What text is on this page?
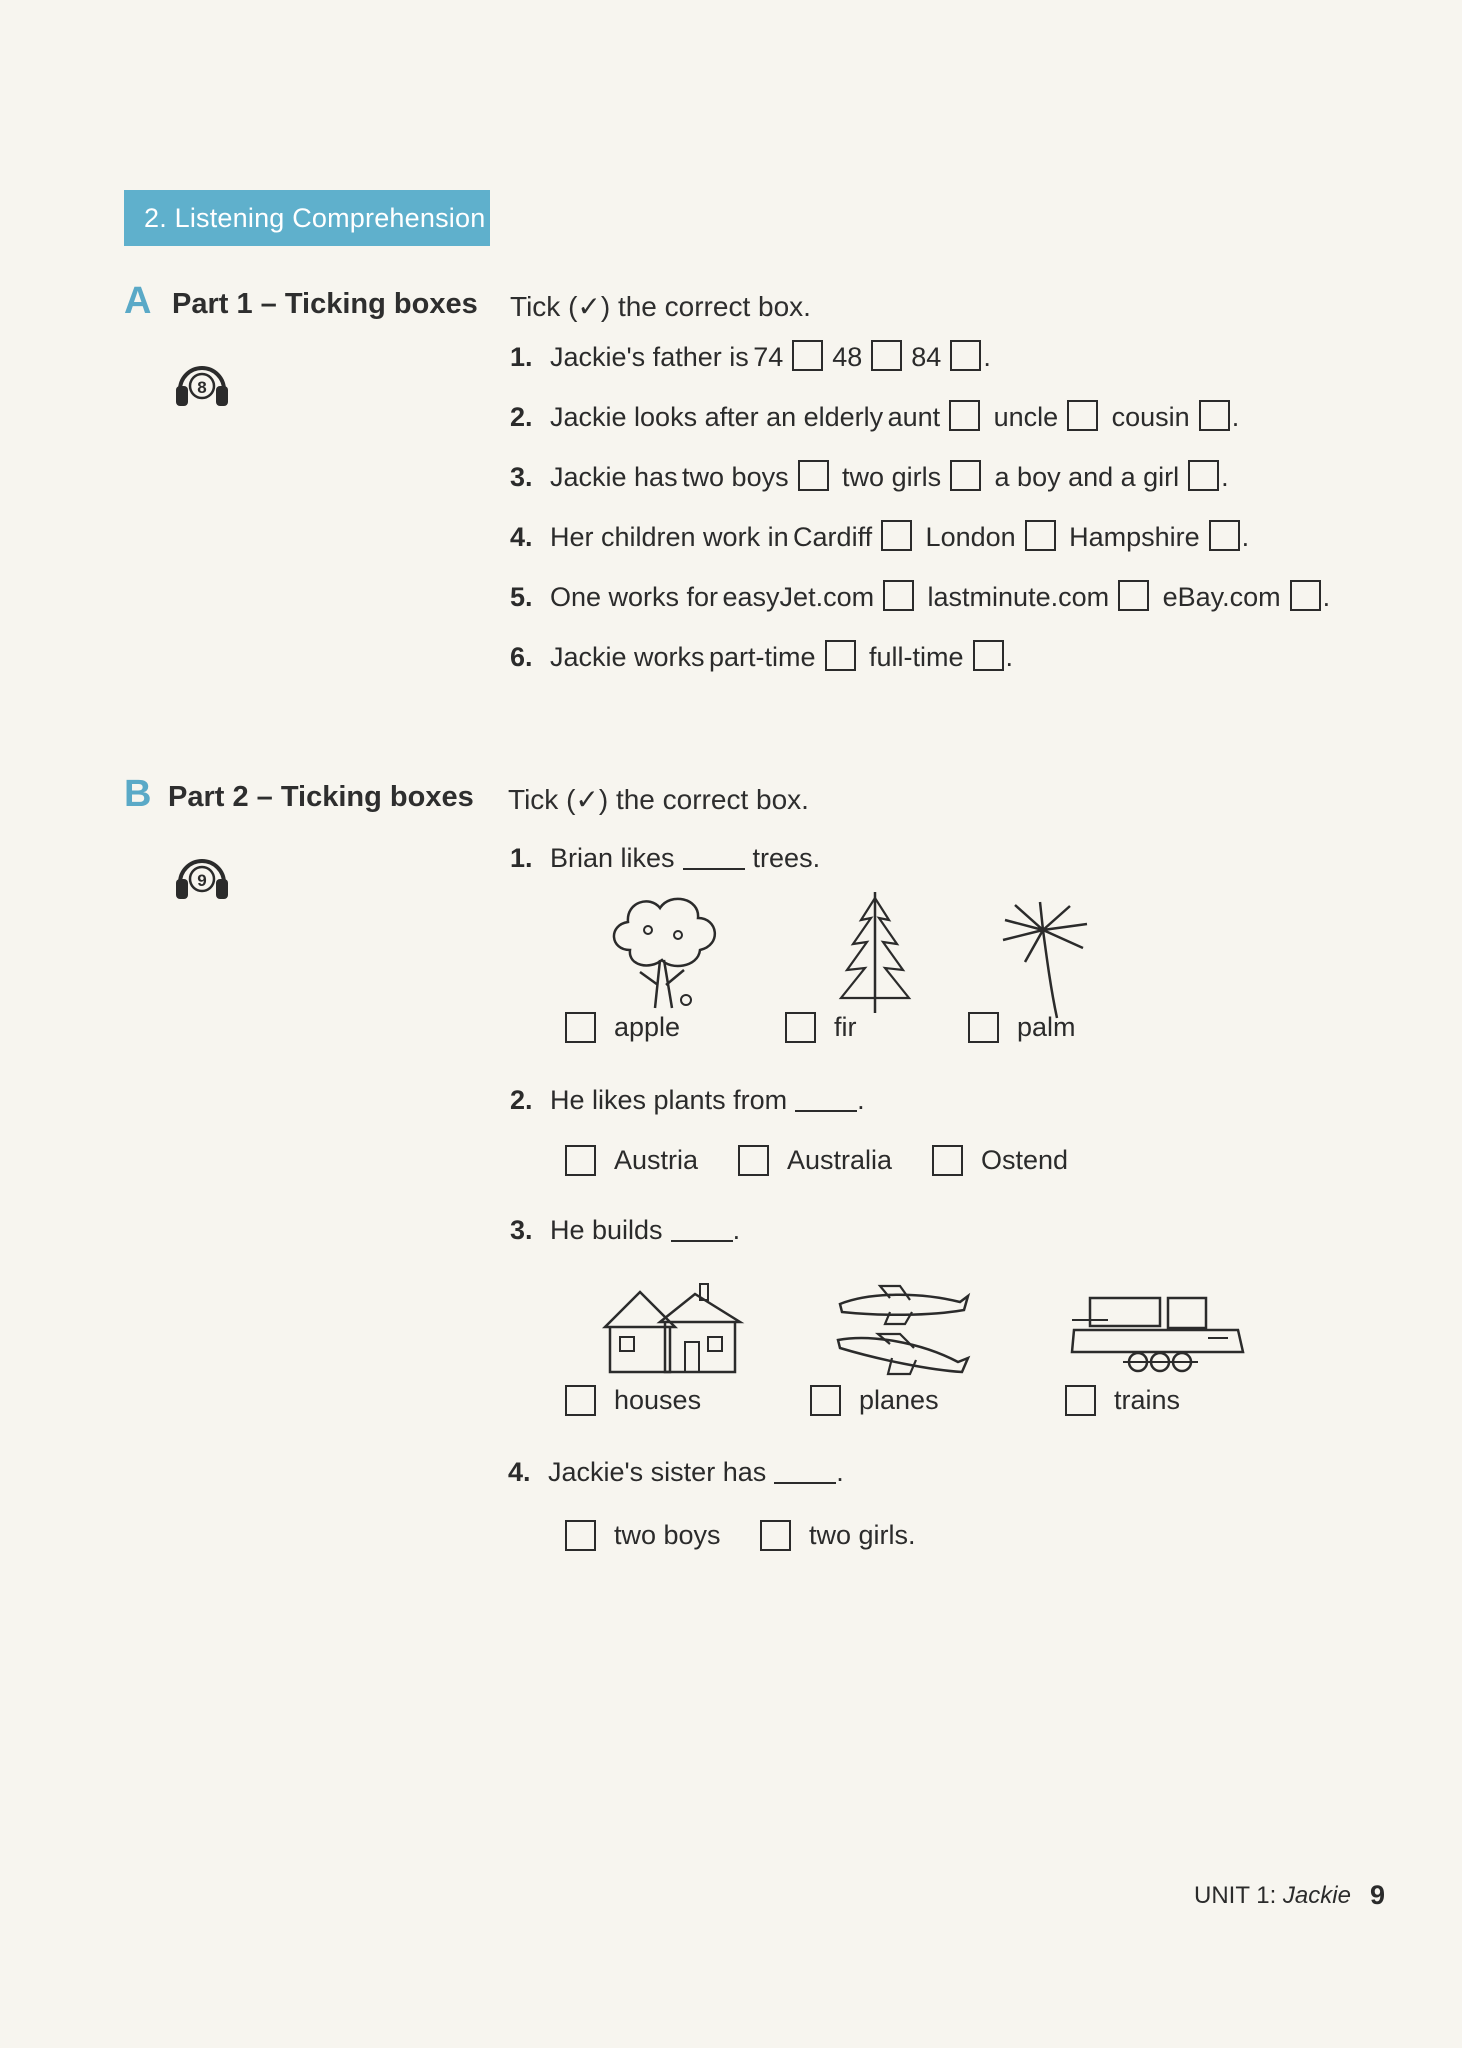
2. Listening Comprehension
A Part 1 – Ticking boxes
8
Tick (✓) the correct box.
1. Jackie's father is
74 48 84 .
2. Jackie looks after an elderly
aunt
uncle
cousin .
3. Jackie has
two boys
two girls
a boy and a girl .
4. Her children work in
Cardiff
London
Hampshire .
5. One works for
easyJet.com
lastminute.com
eBay.com .
6. Jackie works
part-time
full-time .
B Part 2 – Ticking boxes
9
Tick (✓) the correct box.
1. Brian likes	trees.
apple	fir	palm
2. He likes plants from	.
Austria	Australia	Ostend
3. He builds	.
houses	planes	trains
4. Jackie's sister has	.
two boys	two girls.
UNIT 1: Jackie 9
